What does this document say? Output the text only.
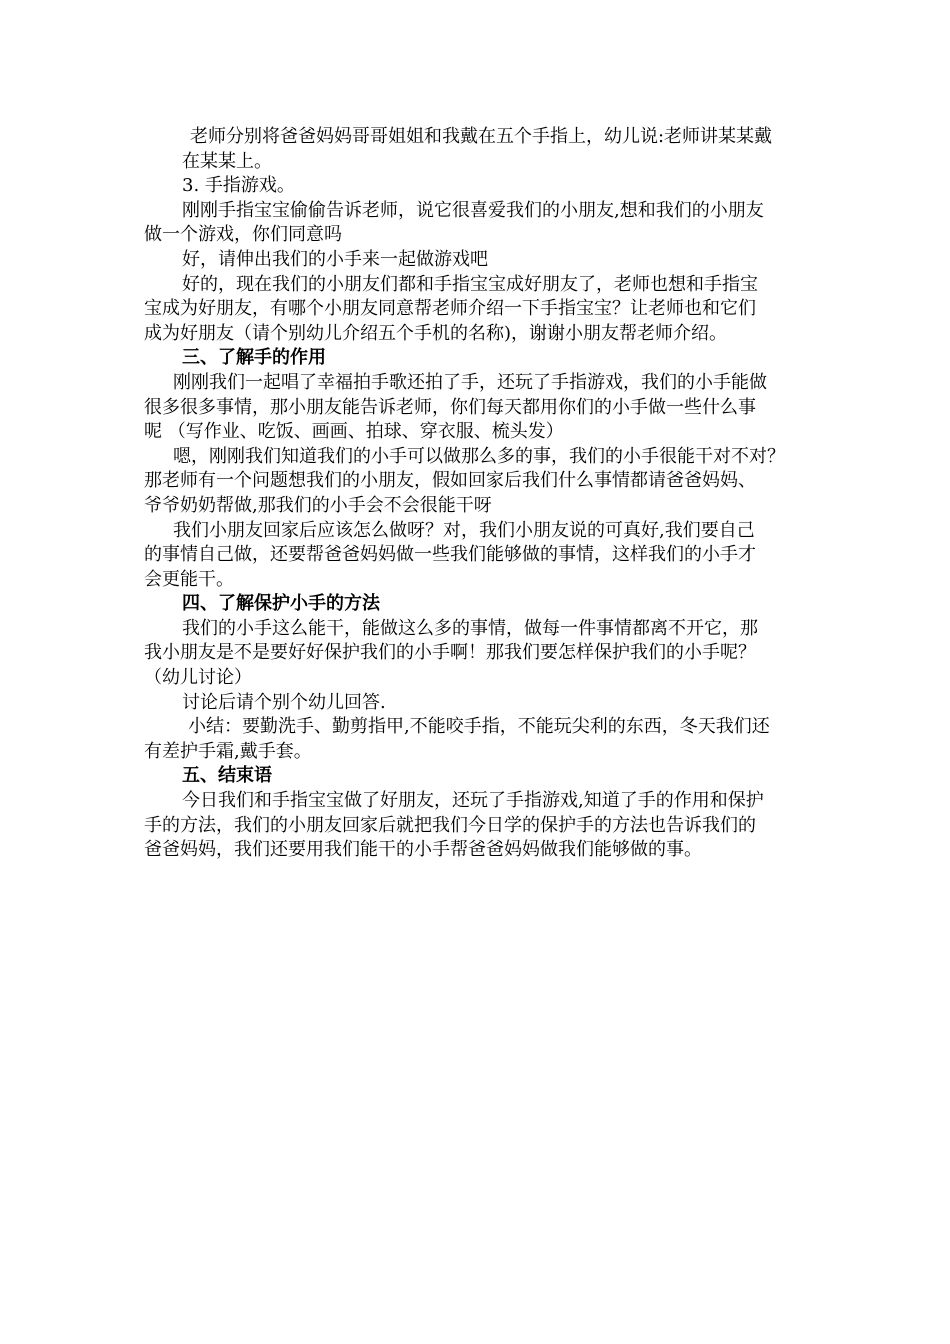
老师分别将爸爸妈妈哥哥姐姐和我戴在五个手指上，幼儿说:老师讲某某戴
在某某上。
3. 手指游戏。
刚刚手指宝宝偷偷告诉老师，说它很喜爱我们的小朋友,想和我们的小朋友
做一个游戏，你们同意吗
好，请伸出我们的小手来一起做游戏吧
好的，现在我们的小朋友们都和手指宝宝成好朋友了，老师也想和手指宝
宝成为好朋友，有哪个小朋友同意帮老师介绍一下手指宝宝？让老师也和它们
成为好朋友（请个别幼儿介绍五个手机的名称)，谢谢小朋友帮老师介绍。
三、了解手的作用
刚刚我们一起唱了幸福拍手歌还拍了手，还玩了手指游戏，我们的小手能做
很多很多事情，那小朋友能告诉老师，你们每天都用你们的小手做一些什么事
呢 （写作业、吃饭、画画、拍球、穿衣服、梳头发）
嗯，刚刚我们知道我们的小手可以做那么多的事，我们的小手很能干对不对？
那老师有一个问题想我们的小朋友，假如回家后我们什么事情都请爸爸妈妈、
爷爷奶奶帮做,那我们的小手会不会很能干呀
我们小朋友回家后应该怎么做呀？对，我们小朋友说的可真好,我们要自己
的事情自己做，还要帮爸爸妈妈做一些我们能够做的事情，这样我们的小手才
会更能干。
四、了解保护小手的方法
我们的小手这么能干，能做这么多的事情，做每一件事情都离不开它，那
我小朋友是不是要好好保护我们的小手啊！那我们要怎样保护我们的小手呢？
（幼儿讨论）
讨论后请个别个幼儿回答.
小结：要勤洗手、勤剪指甲,不能咬手指，不能玩尖利的东西，冬天我们还
有差护手霜,戴手套。
五、结束语
今日我们和手指宝宝做了好朋友，还玩了手指游戏,知道了手的作用和保护
手的方法，我们的小朋友回家后就把我们今日学的保护手的方法也告诉我们的
爸爸妈妈，我们还要用我们能干的小手帮爸爸妈妈做我们能够做的事。
